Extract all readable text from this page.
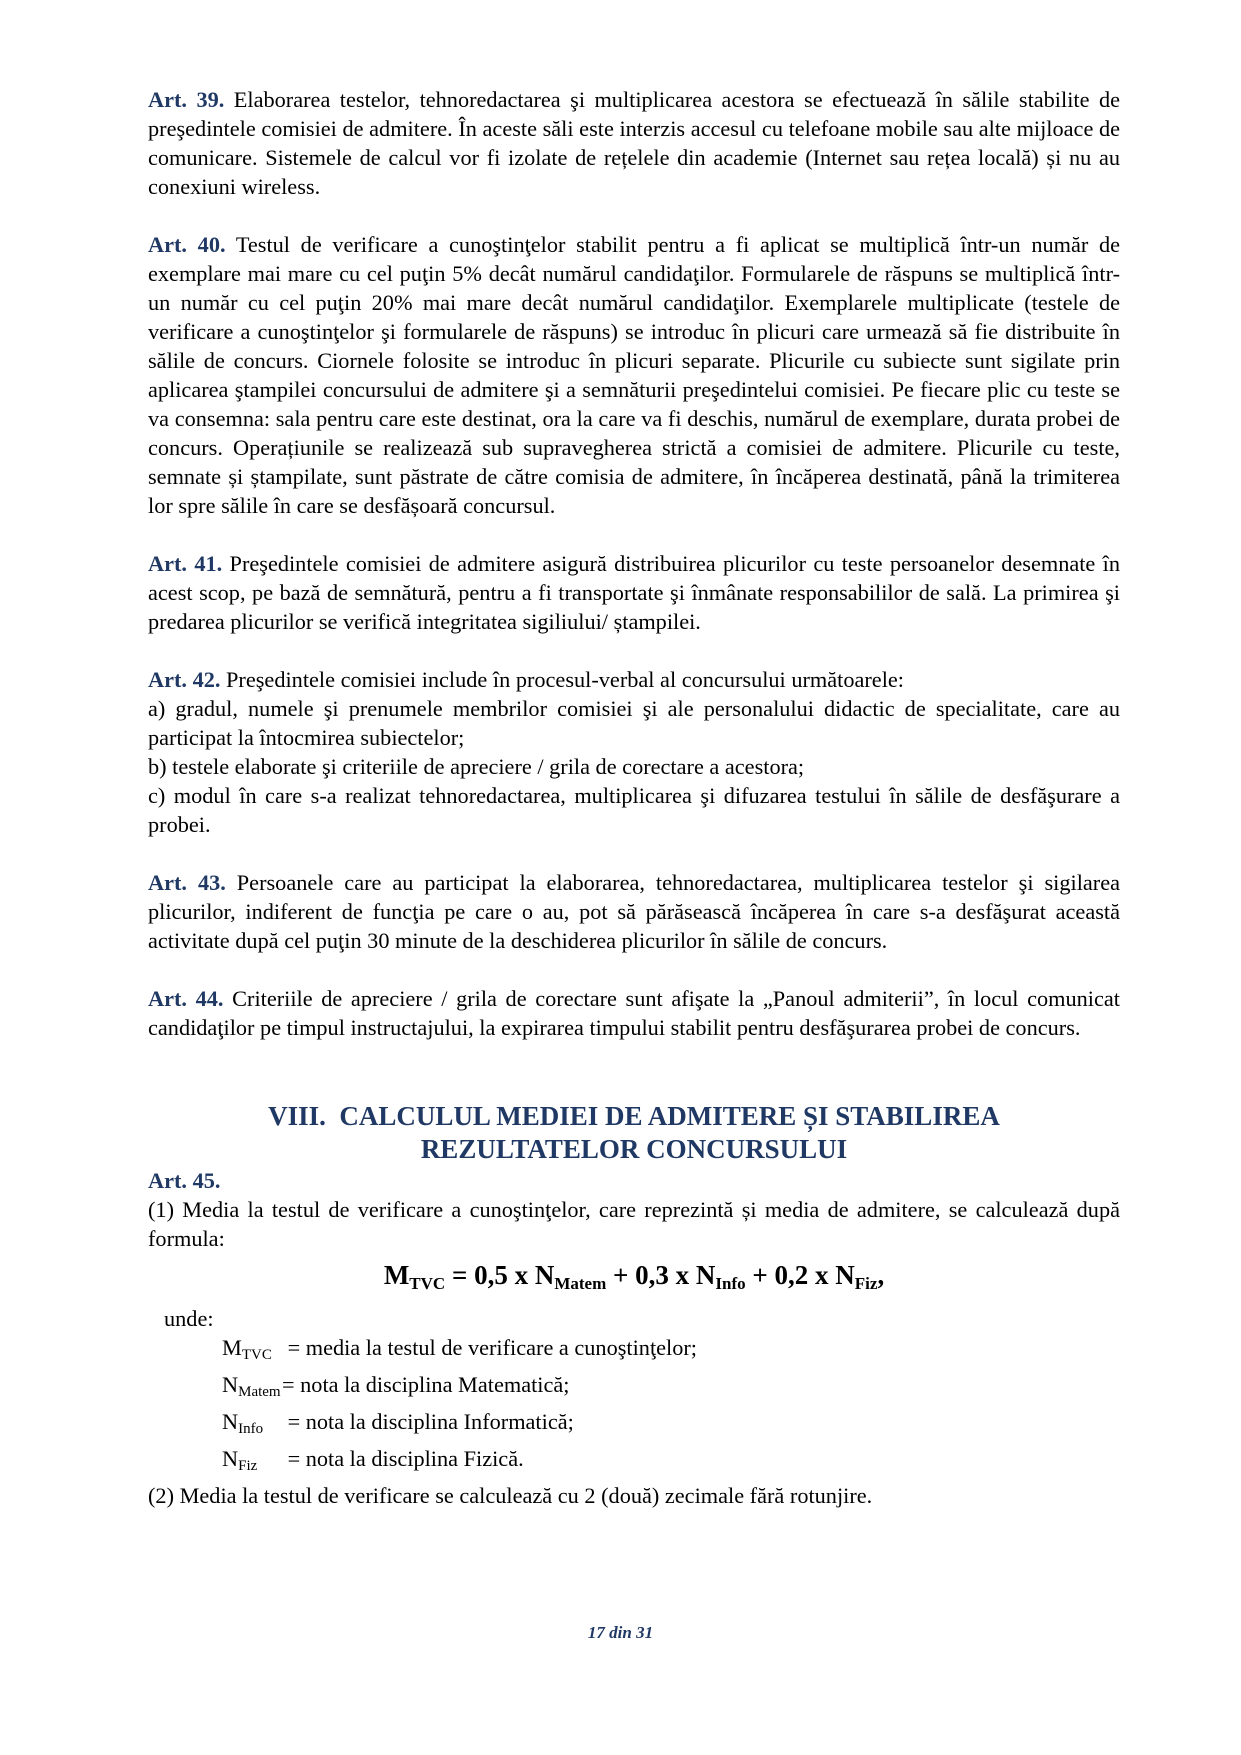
Art. 39. Elaborarea testelor, tehnoredactarea şi multiplicarea acestora se efectuează în sălile stabilite de preşedintele comisiei de admitere. În aceste săli este interzis accesul cu telefoane mobile sau alte mijloace de comunicare. Sistemele de calcul vor fi izolate de rețelele din academie (Internet sau rețea locală) și nu au conexiuni wireless.

Art. 40. Testul de verificare a cunoştinţelor stabilit pentru a fi aplicat se multiplică într-un număr de exemplare mai mare cu cel puţin 5% decât numărul candidaţilor. Formularele de răspuns se multiplică într-un număr cu cel puţin 20% mai mare decât numărul candidaţilor. Exemplarele multiplicate (testele de verificare a cunoştinţelor şi formularele de răspuns) se introduc în plicuri care urmează să fie distribuite în sălile de concurs. Ciornele folosite se introduc în plicuri separate. Plicurile cu subiecte sunt sigilate prin aplicarea ştampilei concursului de admitere şi a semnăturii preşedintelui comisiei. Pe fiecare plic cu teste se va consemna: sala pentru care este destinat, ora la care va fi deschis, numărul de exemplare, durata probei de concurs. Operațiunile se realizează sub supravegherea strictă a comisiei de admitere. Plicurile cu teste, semnate și ștampilate, sunt păstrate de către comisia de admitere, în încăperea destinată, până la trimiterea lor spre sălile în care se desfășoară concursul.

Art. 41. Preşedintele comisiei de admitere asigură distribuirea plicurilor cu teste persoanelor desemnate în acest scop, pe bază de semnătură, pentru a fi transportate şi înmânate responsabililor de sală. La primirea şi predarea plicurilor se verifică integritatea sigiliului/ ștampilei.

Art. 42. Preşedintele comisiei include în procesul-verbal al concursului următoarele:
a) gradul, numele şi prenumele membrilor comisiei şi ale personalului didactic de specialitate, care au participat la întocmirea subiectelor;
b) testele elaborate şi criteriile de apreciere / grila de corectare a acestora;
c) modul în care s-a realizat tehnoredactarea, multiplicarea şi difuzarea testului în sălile de desfăşurare a probei.

Art. 43. Persoanele care au participat la elaborarea, tehnoredactarea, multiplicarea testelor şi sigilarea plicurilor, indiferent de funcţia pe care o au, pot să părăsească încăperea în care s-a desfăşurat această activitate după cel puţin 30 minute de la deschiderea plicurilor în sălile de concurs.

Art. 44. Criteriile de apreciere / grila de corectare sunt afişate la „Panoul admiterii”, în locul comunicat candidaţilor pe timpul instructajului, la expirarea timpului stabilit pentru desfăşurarea probei de concurs.

VIII.  CALCULUL MEDIEI DE ADMITERE ȘI STABILIREA
REZULTATELOR CONCURSULUI
Art. 45.
(1) Media la testul de verificare a cunoştinţelor, care reprezintă și media de admitere, se calculează după formula:
$M_{TVC} = 0,5$ x $N_{Matem} + 0,3$ x $N_{Info} + 0,2$ x $N_{Fiz}$,
unde:
$M_{TVC}$ = media la testul de verificare a cunoştinţelor;
$N_{Matem}=$ nota la disciplina Matematică;
$N_{Info}$ = nota la disciplina Informatică;
$N_{Fiz}$ = nota la disciplina Fizică.
(2) Media la testul de verificare se calculează cu 2 (două) zecimale fără rotunjire.
17 din 31
